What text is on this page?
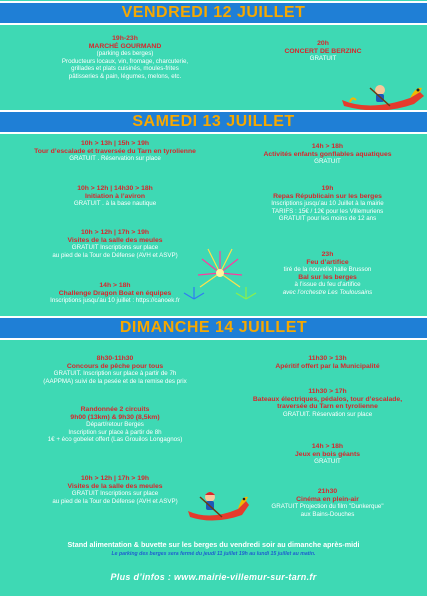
VENDREDI 12 JUILLET
19h-23h
MARCHÉ GOURMAND
(parking des berges)
Producteurs locaux, vin, fromage, charcuterie,
grillades et plats cuisinés, moules-frites
pâtisseries & pain, légumes, melons, etc.
20h
CONCERT DE BERZINC
GRATUIT
SAMEDI 13 JUILLET
10h > 13h | 15h > 19h
Tour d’escalade et traversée du Tarn en tyrolienne
GRATUIT . Réservation sur place
10h > 12h | 14h30 > 18h
Initiation à l’aviron
GRATUIT . à la base nautique
10h > 12h | 17h > 19h
Visites de la salle des meules
GRATUIT Inscriptions sur place
au pied de la Tour de Défense (AVH et ASVP)
14h > 18h
Challenge Dragon Boat en équipes
Inscriptions jusqu’au 10 juillet : https://canoek.fr
14h > 18h
Activités enfants gonflables aquatiques
GRATUIT
19h
Repas Républicain sur les berges
Inscriptions jusqu’au 10 Juillet à la mairie
TARIFS : 15€ / 12€ pour les Villemuriens
GRATUIT pour les moins de 12 ans
23h
Feu d’artifice
tiré de la nouvelle halle Brusson
Bal sur les berges
à l’issue du feu d’artifice
avec l’orchestre Les Toulousains
DIMANCHE 14 JUILLET
8h30-11h30
Concours de pêche pour tous
GRATUIT. Inscription sur place à partir de 7h
(AAPPMA) suivi de la pesée et de la remise des prix
Randonnée 2 circuits
9h00 (13km) & 9h30 (8,5km)
Départ/retour Berges
Inscription sur place à partir de 8h
1€ + éco gobelet offert (Las Grouilos Longagnos)
10h > 12h | 17h > 19h
Visites de la salle des meules
GRATUIT Inscriptions sur place
au pied de la Tour de Défense (AVH et ASVP)
11h30 > 13h
Apéritif offert par la Municipalité
11h30 > 17h
Bateaux électriques, pédalos, tour d’escalade,
traversée du Tarn en tyrolienne
GRATUIT. Réservation sur place
14h > 18h
Jeux en bois géants
GRATUIT
21h30
Cinéma en plein-air
GRATUIT Projection du film "Dunkerque"
aux Bains-Douches
Stand alimentation & buvette sur les berges du vendredi soir au dimanche après-midi
Le parking des berges sera fermé du jeudi 11 juillet 19h au lundi 15 juillet au matin.
Plus d’infos : www.mairie-villemur-sur-tarn.fr
